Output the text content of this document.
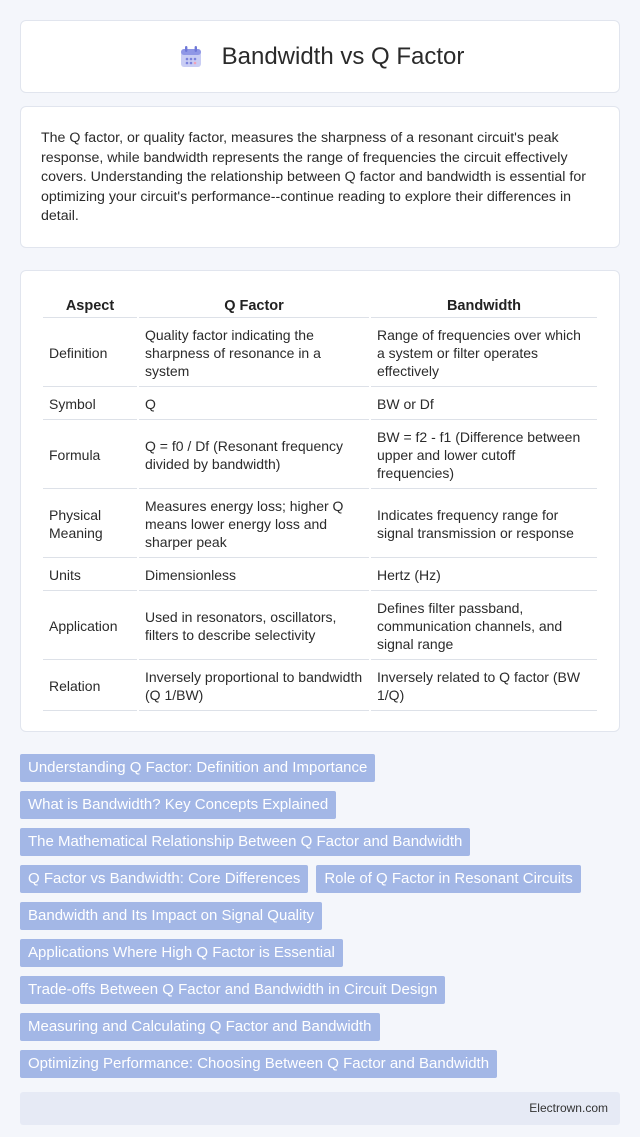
Bandwidth vs Q Factor

The Q factor, or quality factor, measures the sharpness of a resonant circuit's peak response, while bandwidth represents the range of frequencies the circuit effectively covers. Understanding the relationship between Q factor and bandwidth is essential for optimizing your circuit's performance--continue reading to explore their differences in detail.

Aspect	Q Factor	Bandwidth
Definition	Quality factor indicating the sharpness of resonance in a system	Range of frequencies over which a system or filter operates effectively
Symbol	Q	BW or Df
Formula	Q = f0 / Df (Resonant frequency divided by bandwidth)	BW = f2 - f1 (Difference between upper and lower cutoff frequencies)
Physical Meaning	Measures energy loss; higher Q means lower energy loss and sharper peak	Indicates frequency range for signal transmission or response
Units	Dimensionless	Hertz (Hz)
Application	Used in resonators, oscillators, filters to describe selectivity	Defines filter passband, communication channels, and signal range
Relation	Inversely proportional to bandwidth (Q 1/BW)	Inversely related to Q factor (BW 1/Q)
Understanding Q Factor: Definition and Importance
What is Bandwidth? Key Concepts Explained
The Mathematical Relationship Between Q Factor and Bandwidth
Q Factor vs Bandwidth: Core Differences	Role of Q Factor in Resonant Circuits
Bandwidth and Its Impact on Signal Quality
Applications Where High Q Factor is Essential
Trade-offs Between Q Factor and Bandwidth in Circuit Design
Measuring and Calculating Q Factor and Bandwidth
Optimizing Performance: Choosing Between Q Factor and Bandwidth
Electrown.com
